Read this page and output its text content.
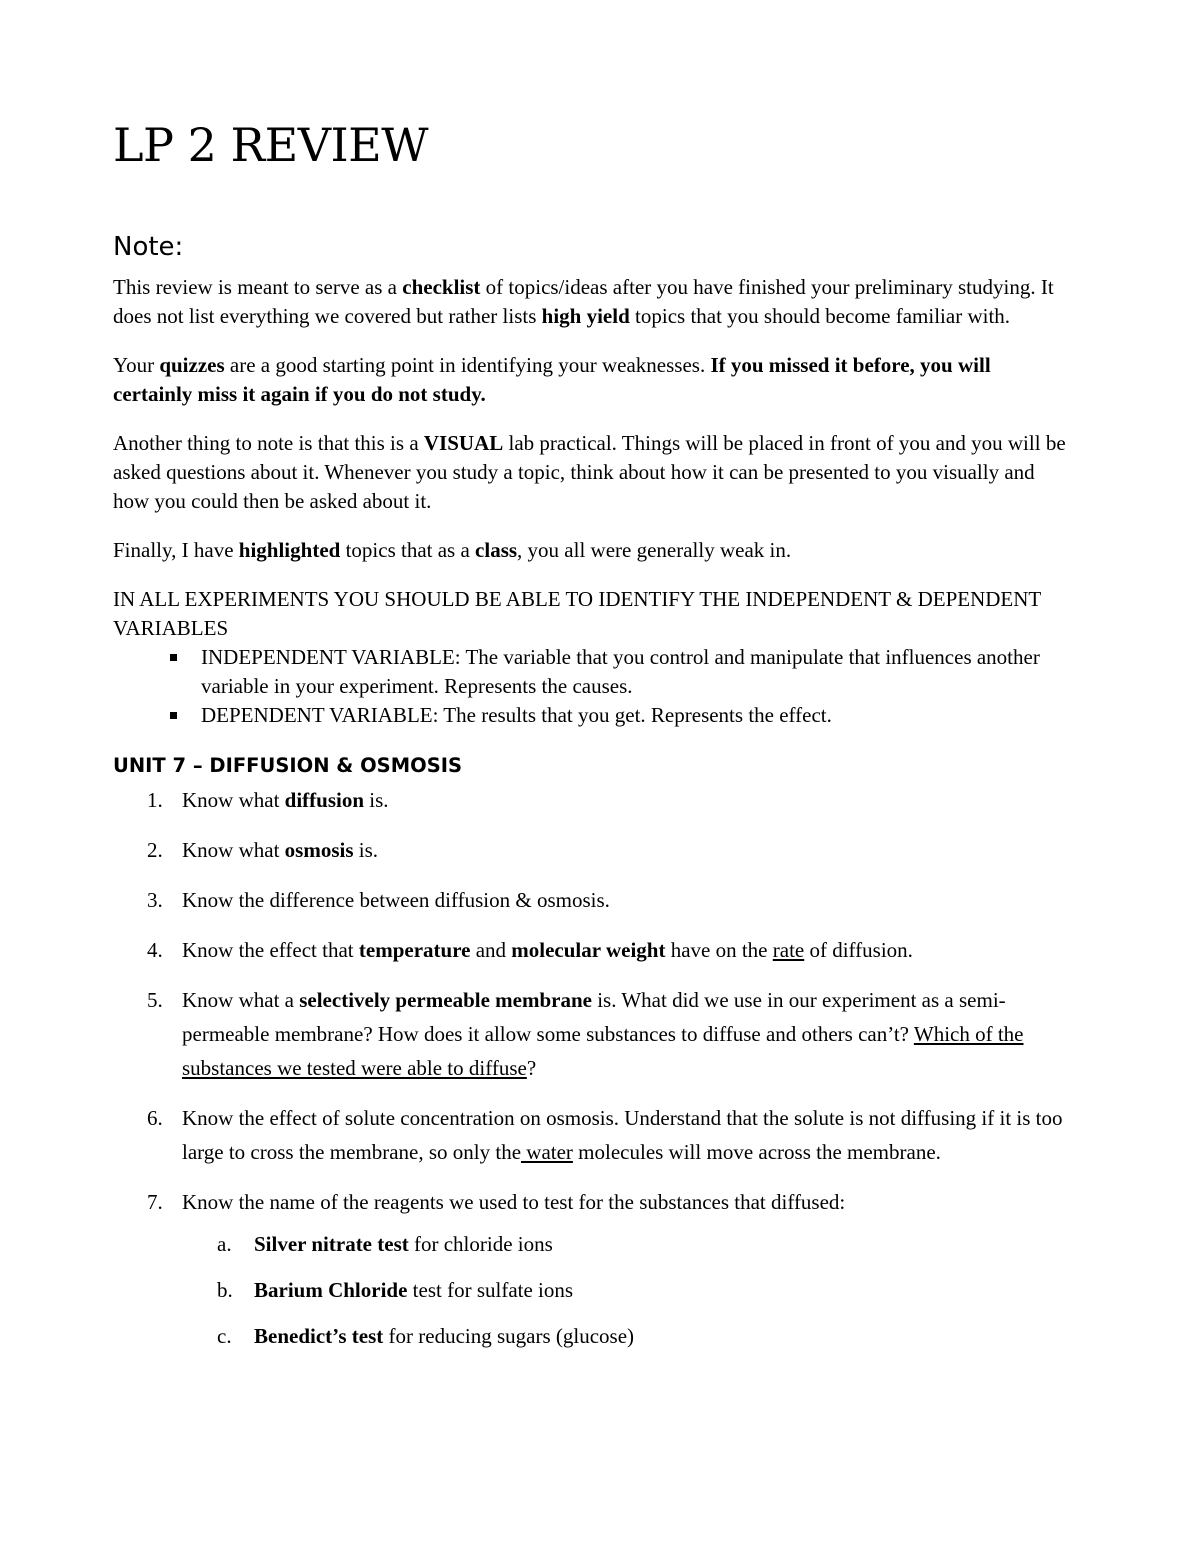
LP 2 REVIEW
Note:

This review is meant to serve as a checklist of topics/ideas after you have finished your preliminary studying. It does not list everything we covered but rather lists high yield topics that you should become familiar with.

Your quizzes are a good starting point in identifying your weaknesses. If you missed it before, you will certainly miss it again if you do not study.

Another thing to note is that this is a VISUAL lab practical. Things will be placed in front of you and you will be asked questions about it. Whenever you study a topic, think about how it can be presented to you visually and how you could then be asked about it.

Finally, I have highlighted topics that as a class, you all were generally weak in.

IN ALL EXPERIMENTS YOU SHOULD BE ABLE TO IDENTIFY THE INDEPENDENT & DEPENDENT VARIABLES

INDEPENDENT VARIABLE: The variable that you control and manipulate that influences another variable in your experiment. Represents the causes.
DEPENDENT VARIABLE: The results that you get. Represents the effect.
UNIT 7 – DIFFUSION & OSMOSIS
1. Know what diffusion is.
2. Know what osmosis is.
3. Know the difference between diffusion & osmosis.
4. Know the effect that temperature and molecular weight have on the rate of diffusion.
5. Know what a selectively permeable membrane is. What did we use in our experiment as a semi-permeable membrane? How does it allow some substances to diffuse and others can’t? Which of the substances we tested were able to diffuse?
6. Know the effect of solute concentration on osmosis. Understand that the solute is not diffusing if it is too large to cross the membrane, so only the water molecules will move across the membrane.
7. Know the name of the reagents we used to test for the substances that diffused:
a. Silver nitrate test for chloride ions
b. Barium Chloride test for sulfate ions
c. Benedict’s test for reducing sugars (glucose)
